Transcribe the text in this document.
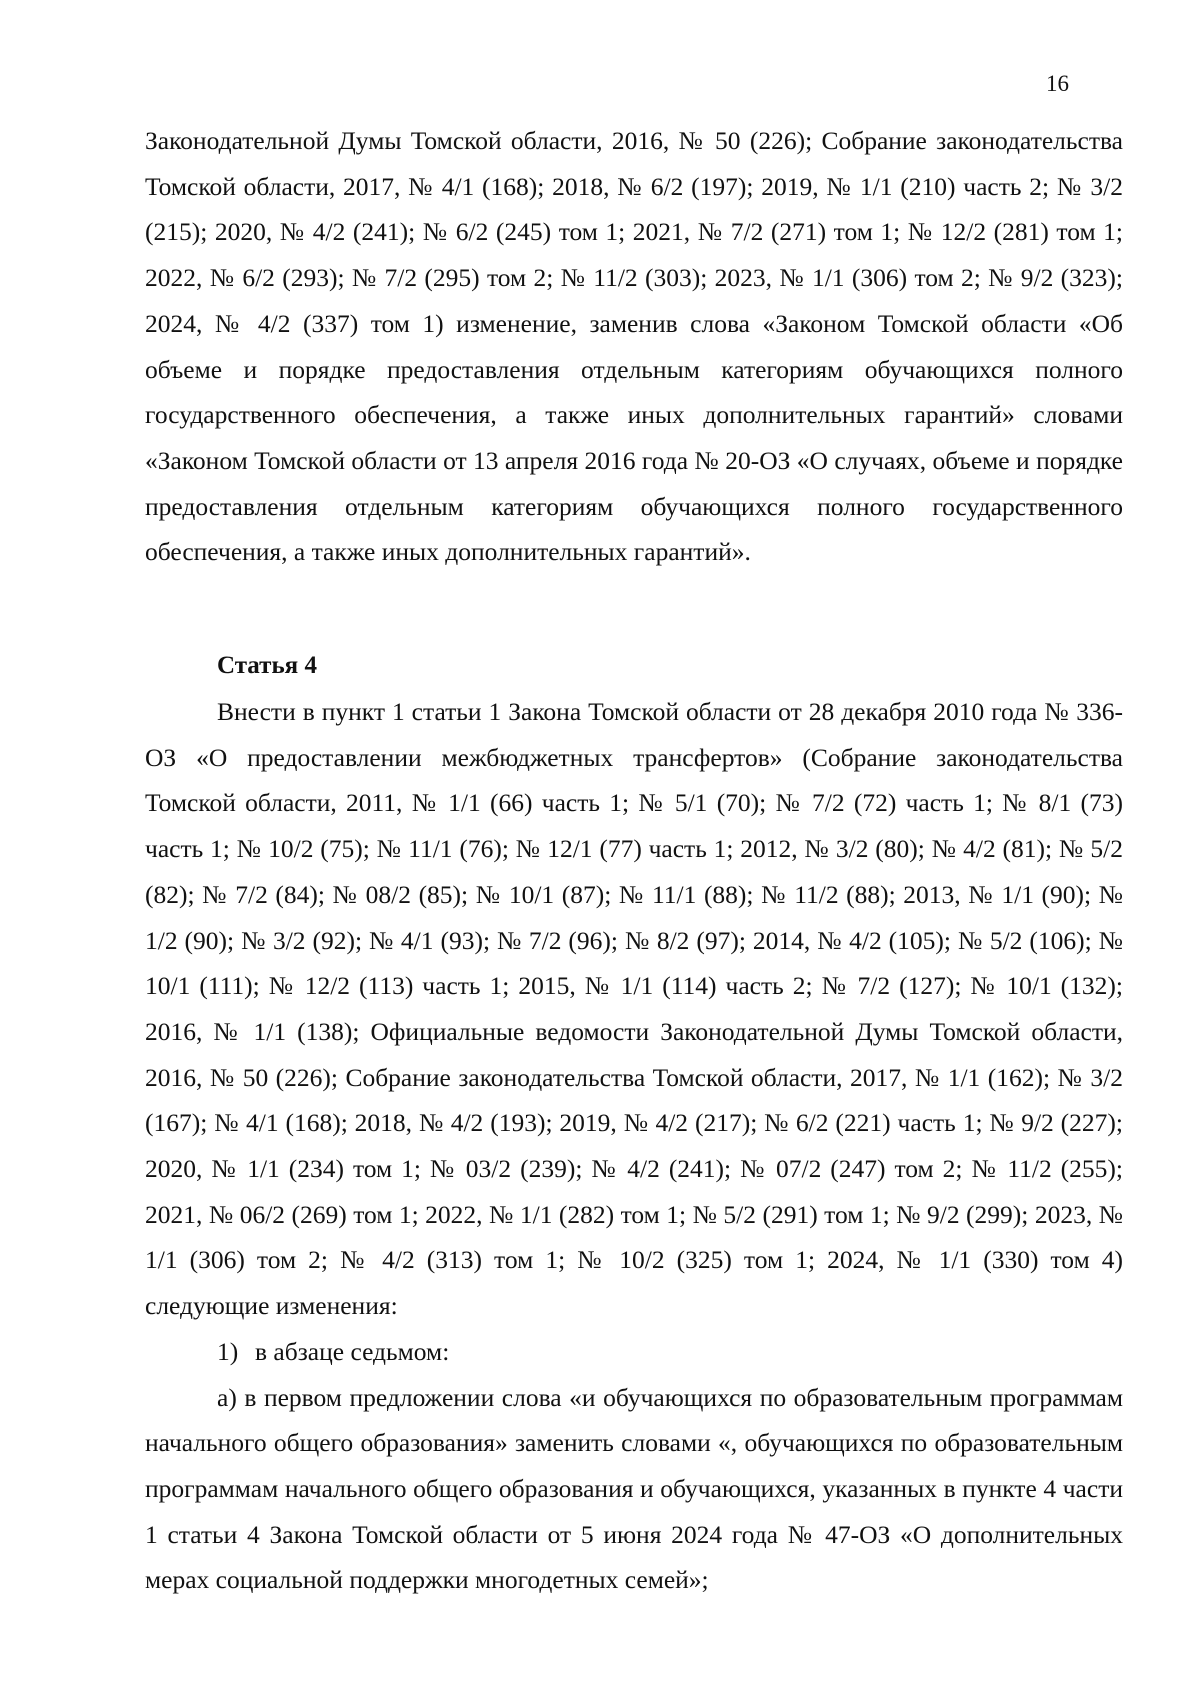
16

Законодательной Думы Томской области, 2016, № 50 (226); Собрание законодательства Томской области, 2017, № 4/1 (168); 2018, № 6/2 (197); 2019, № 1/1 (210) часть 2; № 3/2 (215); 2020, № 4/2 (241); № 6/2 (245) том 1; 2021, № 7/2 (271) том 1; № 12/2 (281) том 1; 2022, № 6/2 (293); № 7/2 (295) том 2; № 11/2 (303); 2023, № 1/1 (306) том 2; № 9/2 (323); 2024, № 4/2 (337) том 1) изменение, заменив слова «Законом Томской области «Об объеме и порядке предоставления отдельным категориям обучающихся полного государственного обеспечения, а также иных дополнительных гарантий» словами «Законом Томской области от 13 апреля 2016 года № 20-ОЗ «О случаях, объеме и порядке предоставления отдельным категориям обучающихся полного государственного обеспечения, а также иных дополнительных гарантий».

Статья 4

Внести в пункт 1 статьи 1 Закона Томской области от 28 декабря 2010 года № 336-ОЗ «О предоставлении межбюджетных трансфертов» (Собрание законодательства Томской области, 2011, № 1/1 (66) часть 1; № 5/1 (70); № 7/2 (72) часть 1; № 8/1 (73) часть 1; № 10/2 (75); № 11/1 (76); № 12/1 (77) часть 1; 2012, № 3/2 (80); № 4/2 (81); № 5/2 (82); № 7/2 (84); № 08/2 (85); № 10/1 (87); № 11/1 (88); № 11/2 (88); 2013, № 1/1 (90); № 1/2 (90); № 3/2 (92); № 4/1 (93); № 7/2 (96); № 8/2 (97); 2014, № 4/2 (105); № 5/2 (106); № 10/1 (111); № 12/2 (113) часть 1; 2015, № 1/1 (114) часть 2; № 7/2 (127); № 10/1 (132); 2016, № 1/1 (138); Официальные ведомости Законодательной Думы Томской области, 2016, № 50 (226); Собрание законодательства Томской области, 2017, № 1/1 (162); № 3/2 (167); № 4/1 (168); 2018, № 4/2 (193); 2019, № 4/2 (217); № 6/2 (221) часть 1; № 9/2 (227); 2020, № 1/1 (234) том 1; № 03/2 (239); № 4/2 (241); № 07/2 (247) том 2; № 11/2 (255); 2021, № 06/2 (269) том 1; 2022, № 1/1 (282) том 1; № 5/2 (291) том 1; № 9/2 (299); 2023, № 1/1 (306) том 2; № 4/2 (313) том 1; № 10/2 (325) том 1; 2024, № 1/1 (330) том 4) следующие изменения:

1) в абзаце седьмом:

а) в первом предложении слова «и обучающихся по образовательным программам начального общего образования» заменить словами «, обучающихся по образовательным программам начального общего образования и обучающихся, указанных в пункте 4 части 1 статьи 4 Закона Томской области от 5 июня 2024 года № 47-ОЗ «О дополнительных мерах социальной поддержки многодетных семей»;
